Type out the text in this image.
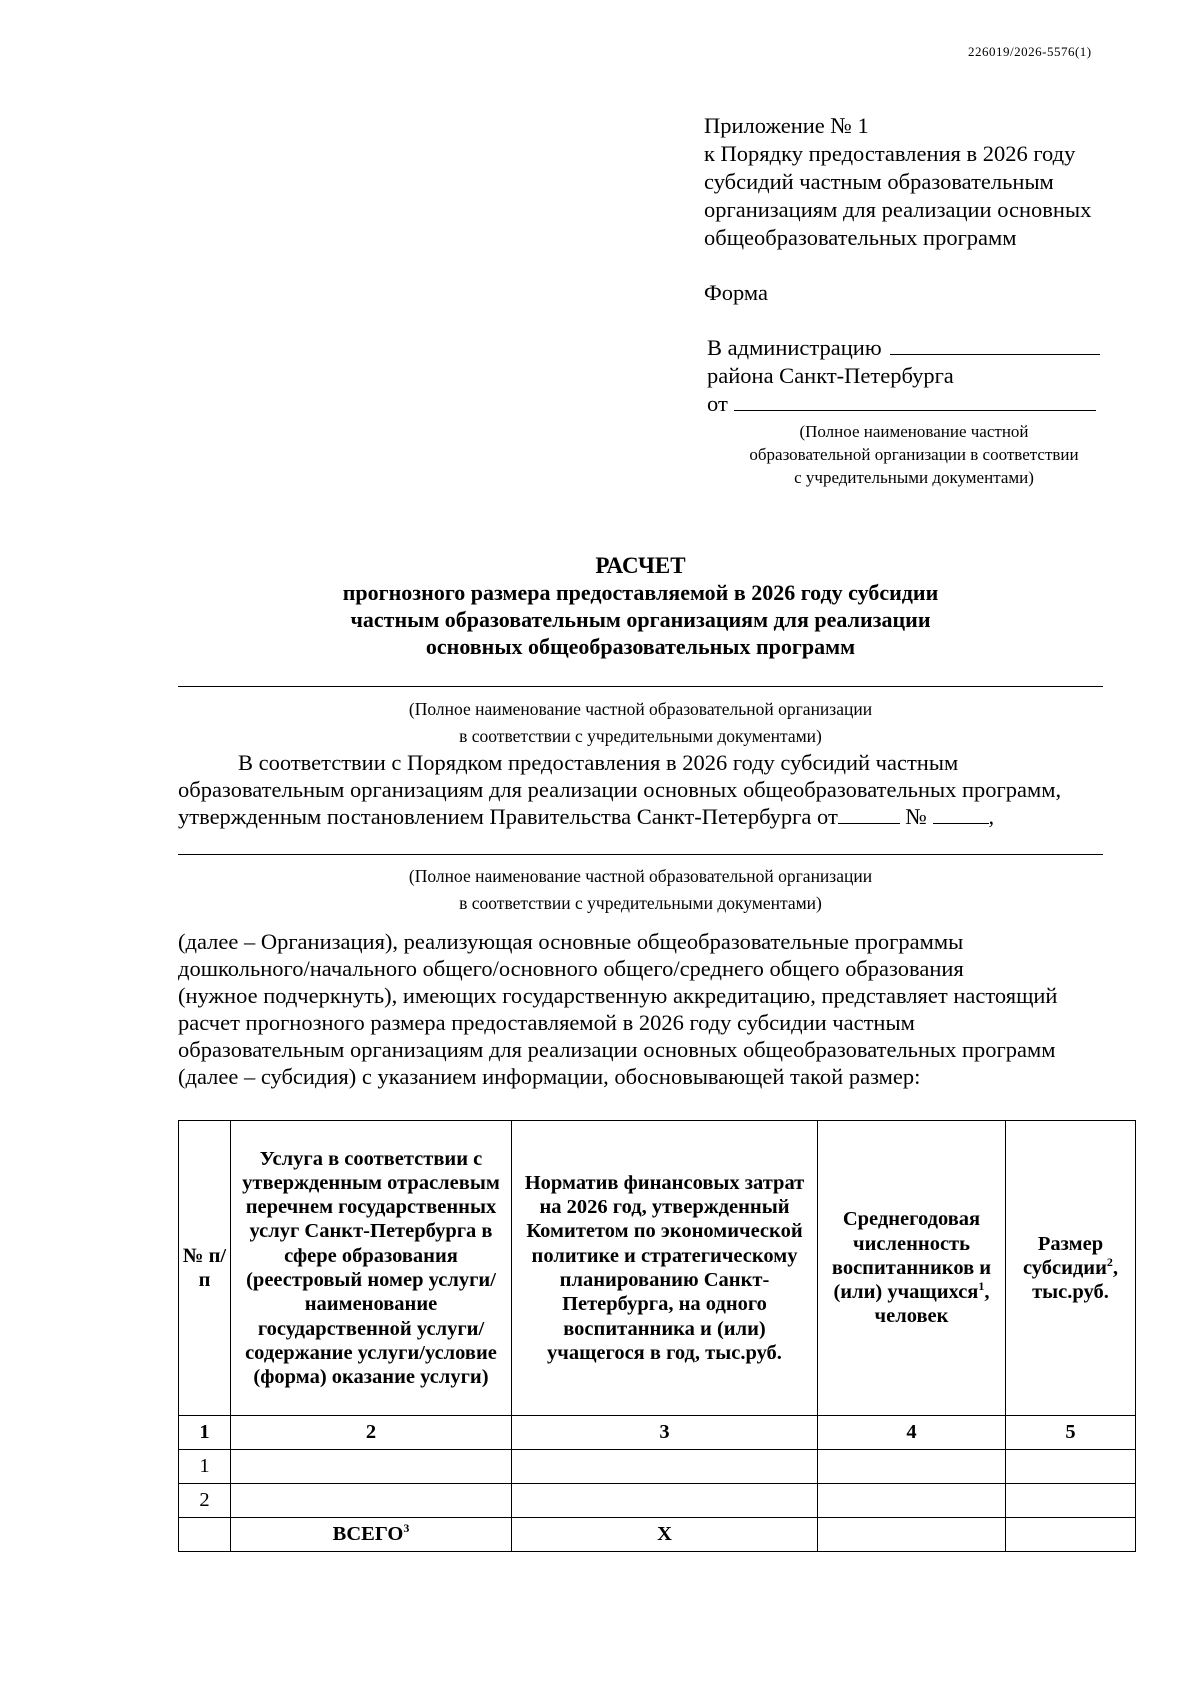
226019/2026-5576(1)
Приложение № 1
к Порядку предоставления в 2026 году
субсидий частным образовательным
организациям для реализации основных
общеобразовательных программ
Форма
В администрацию
района Санкт-Петербурга
от
(Полное наименование частной
образовательной организации в соответствии
с учредительными документами)
РАСЧЕТ
прогнозного размера предоставляемой в 2026 году субсидии
частным образовательным организациям для реализации
основных общеобразовательных программ
(Полное наименование частной образовательной организации
в соответствии с учредительными документами)

В соответствии с Порядком предоставления в 2026 году субсидий частным

образовательным организациям для реализации основных общеобразовательных программ,

утвержденным постановлением Правительства Санкт-Петербурга от	№	,

(Полное наименование частной образовательной организации
в соответствии с учредительными документами)

(далее – Организация), реализующая основные общеобразовательные программы

дошкольного/начального общего/основного общего/среднего общего образования

(нужное подчеркнуть), имеющих государственную аккредитацию, представляет настоящий

расчет прогнозного размера предоставляемой в 2026 году субсидии частным

образовательным организациям для реализации основных общеобразовательных программ

(далее – субсидия) с указанием информации, обосновывающей такой размер:

№ п/п	Услуга в соответствии с утвержденным отраслевым перечнем государственных услуг Санкт-Петербурга в сфере образования (реестровый номер услуги/наименование государственной услуги/содержание услуги/условие (форма) оказание услуги)	Норматив финансовых затрат на 2026 год, утвержденный Комитетом по экономической политике и стратегическому планированию Санкт-Петербурга, на одного воспитанника и (или) учащегося в год, тыс.руб.	Среднегодовая численность воспитанников и (или) учащихся$^1$, человек	Размер субсидии$^2$, тыс.руб.
1	2	3	4	5
1				
2				
	ВСЕГО$^3$	Х		
